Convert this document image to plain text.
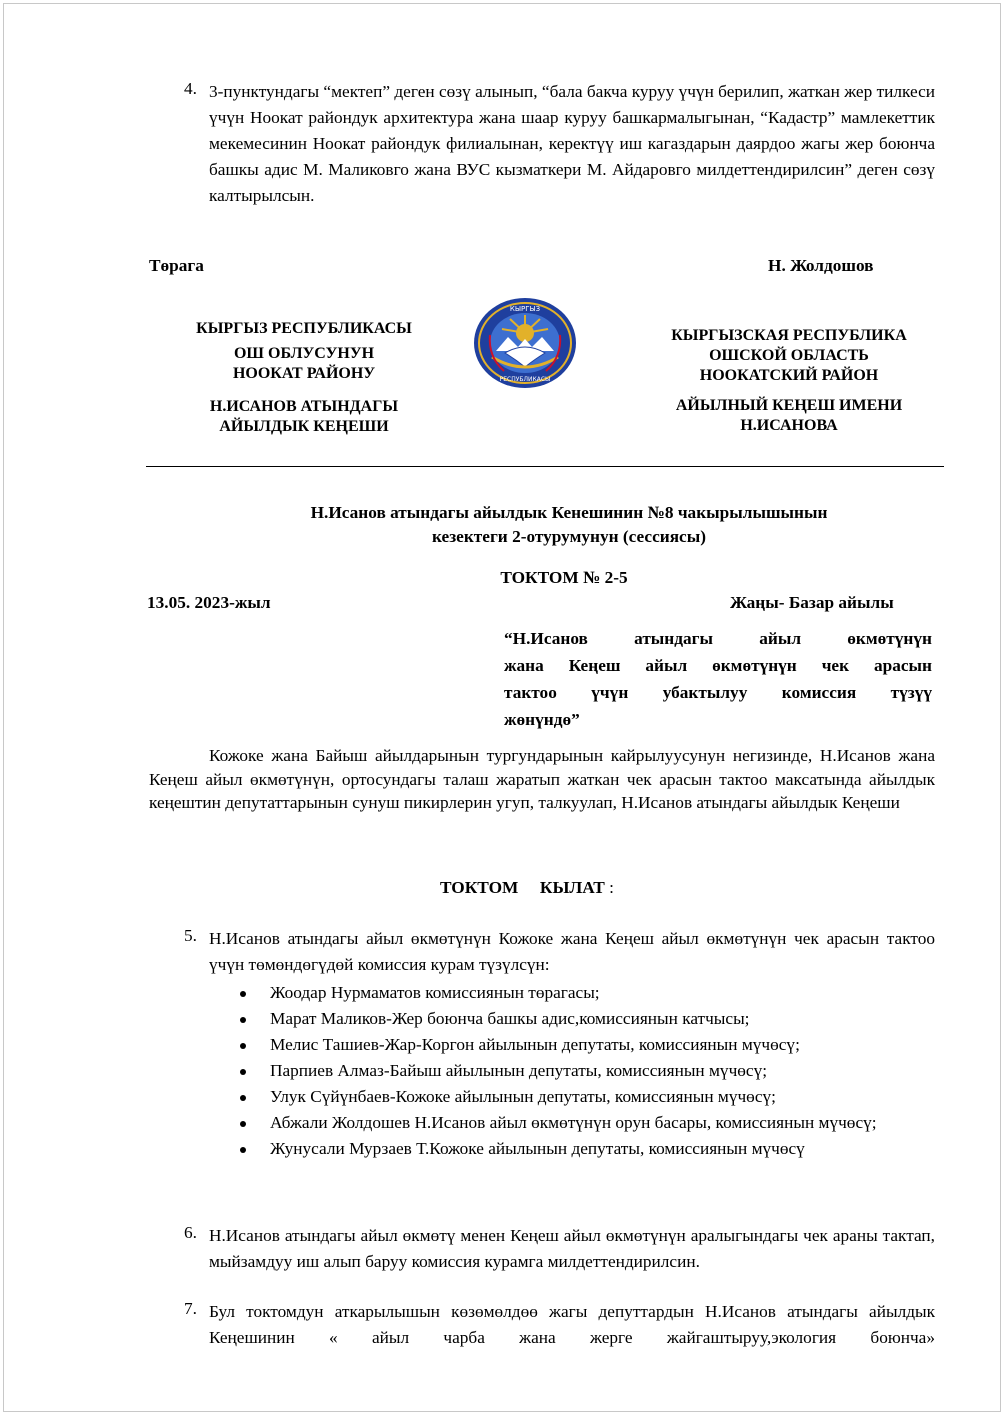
4. 3-пунктундагы “мектеп” деген сөзү алынып, “бала бакча куруу үчүн берилип, жаткан жер тилкеси үчүн Ноокат райондук архитектура жана шаар куруу башкармалыгынан, “Кадастр” мамлекеттик мекемесинин Ноокат райондук филиалынан, керектүү иш кагаздарын даярдоо жагы жер боюнча башкы адис М. Маликовго жана ВУС кызматкери М. Айдаровго милдеттендирилсин” деген сөзү калтырылсын.
Төрага	Н. Жолдошов
КЫРГЫЗ РЕСПУБЛИКАСЫ
ОШ ОБЛУСУНУН
НООКАТ РАЙОНУ
Н.ИСАНОВ АТЫНДАГЫ
АЙЫЛДЫК КЕҢЕШИ
КЫРГЫЗ
РЕСПУБЛИКАСЫ
КЫРГЫЗСКАЯ РЕСПУБЛИКА
ОШСКОЙ ОБЛАСТЬ
НООКАТСКИЙ РАЙОН
АЙЫЛНЫЙ КЕҢЕШ ИМЕНИ
Н.ИСАНОВА
Н.Исанов атындагы айылдык Кенешинин №8 чакырылышынын
кезектеги 2-отурумунун (сессиясы)
ТОКТОМ № 2-5
13.05. 2023-жыл	Жаңы- Базар айылы
“Н.Исанов атындагы айыл өкмөтүнүн
жана Кеңеш айыл өкмөтүнүн чек арасын
тактоо үчүн убактылуу комиссия түзүү
жөнүндө”
Кожоке жана Байыш айылдарынын тургундарынын кайрылуусунун негизинде, Н.Исанов жана Кеңеш айыл өкмөтүнүн, ортосундагы талаш жаратып жаткан чек арасын тактоо максатында айылдык кеңештин депутаттарынын сунуш пикирлерин угуп, талкуулап, Н.Исанов атындагы айылдык Кеңеши
ТОКТОМ     КЫЛАТ :
5. Н.Исанов атындагы айыл өкмөтүнүн Кожоке жана Кеңеш айыл өкмөтүнүн чек арасын тактоо үчүн төмөндөгүдөй комиссия курам түзүлсүн:
Жоодар Нурмаматов комиссиянын төрагасы;
Марат Маликов-Жер боюнча башкы адис,комиссиянын катчысы;
Мелис Ташиев-Жар-Коргон айылынын депутаты, комиссиянын мүчөсү;
Парпиев Алмаз-Байыш айылынын депутаты, комиссиянын мүчөсү;
Улук Сүйүнбаев-Кожоке айылынын депутаты, комиссиянын мүчөсү;
Абжали Жолдошев Н.Исанов айыл өкмөтүнүн орун басары, комиссиянын мүчөсү;
Жунусали Мурзаев Т.Кожоке айылынын депутаты, комиссиянын мүчөсү
6. Н.Исанов атындагы айыл өкмөтү менен Кеңеш айыл өкмөтүнүн аралыгындагы чек араны тактап, мыйзамдуу иш алып баруу комиссия курамга милдеттендирилсин.
7. Бул токтомдун аткарылышын көзөмөлдөө жагы депуттардын Н.Исанов атындагы айылдык Кеңешинин « айыл чарба жана жерге жайгаштыруу,экология боюнча»
